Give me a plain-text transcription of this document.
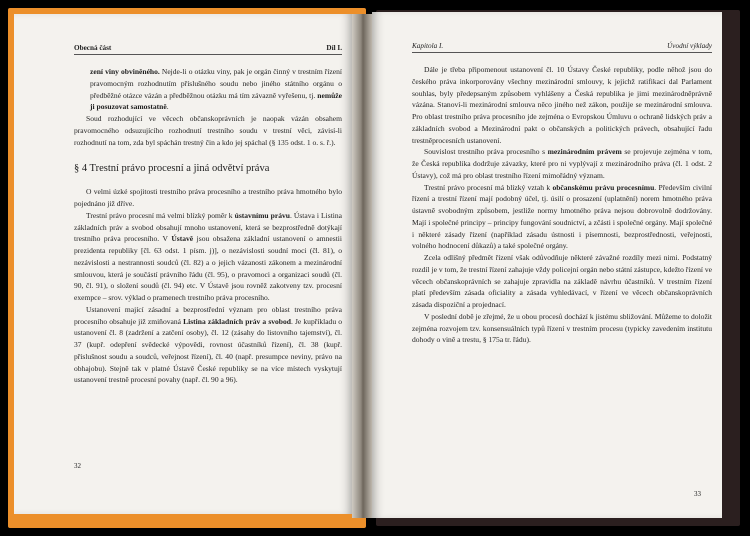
Obecná část	Díl I.

zení viny obviněného. Nejde-li o otázku viny, pak je orgán činný v trestním řízení pravomocným rozhodnutím příslušného soudu nebo jiného státního orgánu o předběžné otázce vázán a předběžnou otázku má tím závazně vyřešenu, tj. nemůže ji posuzovat samostatně.

Soud rozhodující ve věcech občanskoprávních je naopak vázán obsahem pravomocného odsuzujícího rozhodnutí trestního soudu v trestní věci, závisí-li rozhodnutí na tom, zda byl spáchán trestný čin a kdo jej spáchal (§ 135 odst. 1 o. s. ř.).

§ 4 Trestní právo procesní a jiná odvětví práva

O velmi úzké spojitosti trestního práva procesního a trestního práva hmotného bylo pojednáno již dříve.

Trestní právo procesní má velmi blízký poměr k ústavnímu právu. Ústava i Listina základních práv a svobod obsahují mnoho ustanovení, která se bezprostředně dotýkají trestního práva procesního. V Ústavě jsou obsažena základní ustanovení o amnestii prezidenta republiky [čl. 63 odst. 1 písm. j)], o nezávislosti soudní moci (čl. 81), o nezávislosti a nestrannosti soudců (čl. 82) a o jejich vázanosti zákonem a mezinárodní smlouvou, která je součástí právního řádu (čl. 95), o pravomoci a organizaci soudů (čl. 90, čl. 91), o složení soudů (čl. 94) etc. V Ústavě jsou rovněž zakotveny tzv. procesní exempce – srov. výklad o pramenech trestního práva procesního.

Ustanovení mající zásadní a bezprostřední význam pro oblast trestního práva procesního obsahuje již zmiňovaná Listina základních práv a svobod. Je kupříkladu o ustanovení čl. 8 (zadržení a zatčení osoby), čl. 12 (zásahy do listovního tajemství), čl. 37 (kupř. odepření svědecké výpovědi, rovnost účastníků řízení), čl. 38 (kupř. příslušnost soudu a soudců, veřejnost řízení), čl. 40 (např. presumpce neviny, právo na obhajobu). Stejně tak v platné Ústavě České republiky se na více místech vyskytují ustanovení trestně procesní povahy (např. čl. 90 a 96).

32
Kapitola I.	Úvodní výklady

Dále je třeba připomenout ustanovení čl. 10 Ústavy České republiky, podle něhož jsou do českého práva inkorporovány všechny mezinárodní smlouvy, k jejichž ratifikaci dal Parlament souhlas, byly předepsaným způsobem vyhlášeny a Česká republika je jimi mezinárodněprávně vázána. Stanoví-li mezinárodní smlouva něco jiného než zákon, použije se mezinárodní smlouva. Pro oblast trestního práva procesního jde zejména o Evropskou Úmluvu o ochraně lidských práv a základních svobod a Mezinárodní pakt o občanských a politických právech, obsahující řadu trestněprocesních ustanovení.

Souvislost trestního práva procesního s mezinárodním právem se projevuje zejména v tom, že Česká republika dodržuje závazky, které pro ni vyplývají z mezinárodního práva (čl. 1 odst. 2 Ústavy), což má pro oblast trestního řízení mimořádný význam.

Trestní právo procesní má blízký vztah k občanskému právu procesnímu. Především civilní řízení a trestní řízení mají podobný účel, tj. úsilí o prosazení (uplatnění) norem hmotného práva ústavně svobodným způsobem, jestliže normy hmotného práva nejsou dobrovolně dodržovány. Mají i společné principy – principy fungování soudnictví, a zčásti i společné orgány. Mají společné i některé zásady řízení (například zásadu ústnosti i písemnosti, bezprostřednosti, veřejnosti, volného hodnocení důkazů) a také společné orgány.

Zcela odlišný předmět řízení však odůvodňuje některé závažné rozdíly mezi nimi. Podstatný rozdíl je v tom, že trestní řízení zahajuje vždy policejní orgán nebo státní zástupce, kdežto řízení ve věcech občanskoprávních se zahajuje zpravidla na základě návrhu účastníků. V trestním řízení platí především zásada oficiality a zásada vyhledávací, v řízení ve věcech občanskoprávních zásada dispoziční a projednací.

V poslední době je zřejmé, že u obou procesů dochází k jistému sbližování. Můžeme to doložit zejména rozvojem tzv. konsensuálních typů řízení v trestním procesu (typicky zavedením institutu dohody o vině a trestu, § 175a tr. řádu).

33
